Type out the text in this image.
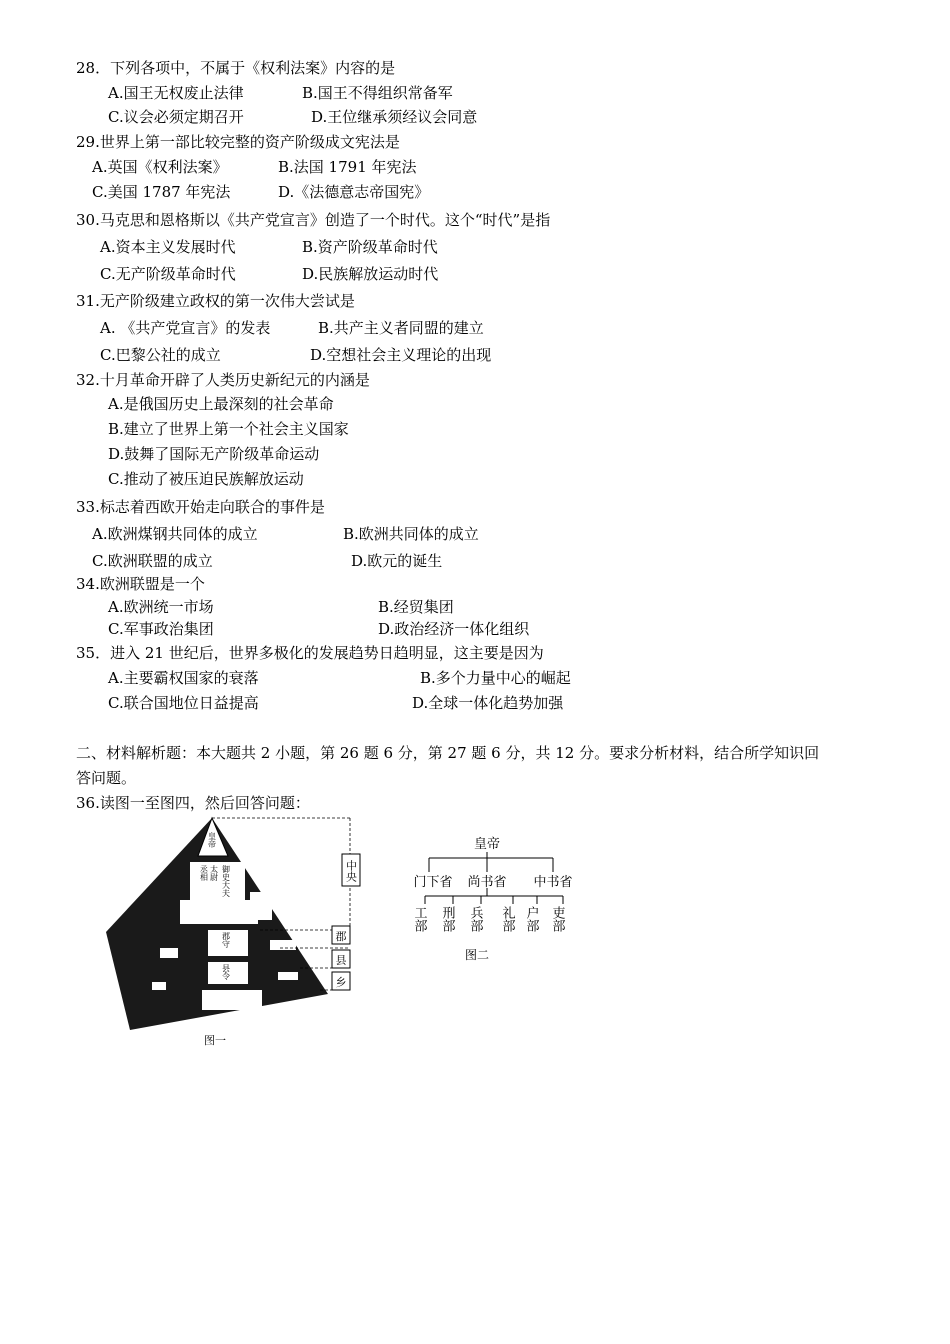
28．下列各项中，不属于《权利法案》内容的是
A.国王无权废止法律	B.国王不得组织常备军
C.议会必须定期召开	D.王位继承须经议会同意
29.世界上第一部比较完整的资产阶级成文宪法是
A.英国《权利法案》	B.法国 1791 年宪法
C.美国 1787 年宪法	D.《法德意志帝国宪》
30.马克思和恩格斯以《共产党宣言》创造了一个时代。这个“时代”是指
A.资本主义发展时代	B.资产阶级革命时代
C.无产阶级革命时代	D.民族解放运动时代
31.无产阶级建立政权的第一次伟大尝试是
A. 《共产党宣言》的发表	B.共产主义者同盟的建立
C.巴黎公社的成立	D.空想社会主义理论的出现
32.十月革命开辟了人类历史新纪元的内涵是
A.是俄国历史上最深刻的社会革命
B.建立了世界上第一个社会主义国家
D.鼓舞了国际无产阶级革命运动
C.推动了被压迫民族解放运动
33.标志着西欧开始走向联合的事件是
A.欧洲煤钢共同体的成立	B.欧洲共同体的成立
C.欧洲联盟的成立	D.欧元的诞生
34.欧洲联盟是一个
A.欧洲统一市场	B.经贸集团
C.军事政治集团	D.政治经济一体化组织
35．进入 21 世纪后，世界多极化的发展趋势日趋明显，这主要是因为
A.主要霸权国家的衰落	B.多个力量中心的崛起
C.联合国地位日益提高	D.全球一体化趋势加强
二、材料解析题：本大题共 2 小题，第 26 题 6 分，第 27 题 6 分，共 12 分。要求分析材料，结合所学知识回
答问题。
36.读图一至图四，然后回答问题：
皇帝
丞相 太尉 御史大夫
郡守
县令
中央
郡
县
乡
图一
皇帝
门下省 尚书省 中书省
工部 刑部 兵部 礼部 户部 吏部
图二
